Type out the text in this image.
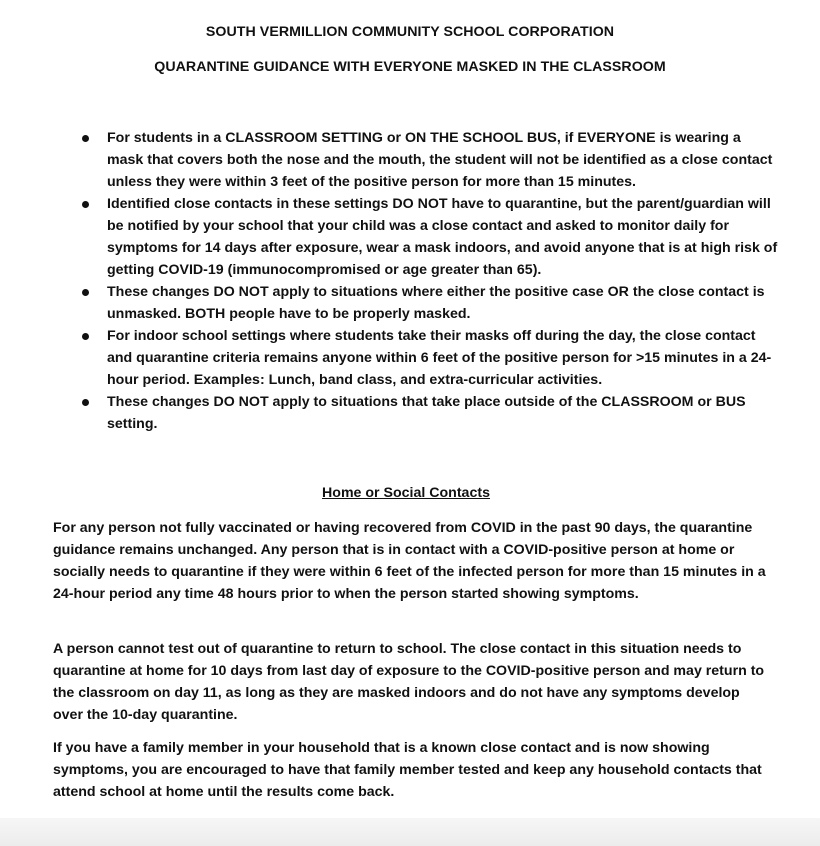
SOUTH VERMILLION COMMUNITY SCHOOL CORPORATION
QUARANTINE GUIDANCE WITH EVERYONE MASKED IN THE CLASSROOM
For students in a CLASSROOM SETTING or ON THE SCHOOL BUS, if EVERYONE is wearing a mask that covers both the nose and the mouth, the student will not be identified as a close contact unless they were within 3 feet of the positive person for more than 15 minutes.
Identified close contacts in these settings DO NOT have to quarantine, but the parent/guardian will be notified by your school that your child was a close contact and asked to monitor daily for symptoms for 14 days after exposure, wear a mask indoors, and avoid anyone that is at high risk of getting COVID-19 (immunocompromised or age greater than 65).
These changes DO NOT apply to situations where either the positive case OR the close contact is unmasked. BOTH people have to be properly masked.
For indoor school settings where students take their masks off during the day, the close contact and quarantine criteria remains anyone within 6 feet of the positive person for >15 minutes in a 24-hour period. Examples: Lunch, band class, and extra-curricular activities.
These changes DO NOT apply to situations that take place outside of the CLASSROOM or BUS setting.
Home or Social Contacts

For any person not fully vaccinated or having recovered from COVID in the past 90 days, the quarantine guidance remains unchanged. Any person that is in contact with a COVID-positive person at home or socially needs to quarantine if they were within 6 feet of the infected person for more than 15 minutes in a 24-hour period any time 48 hours prior to when the person started showing symptoms.

A person cannot test out of quarantine to return to school. The close contact in this situation needs to quarantine at home for 10 days from last day of exposure to the COVID-positive person and may return to the classroom on day 11, as long as they are masked indoors and do not have any symptoms develop over the 10-day quarantine.

If you have a family member in your household that is a known close contact and is now showing symptoms, you are encouraged to have that family member tested and keep any household contacts that attend school at home until the results come back.
